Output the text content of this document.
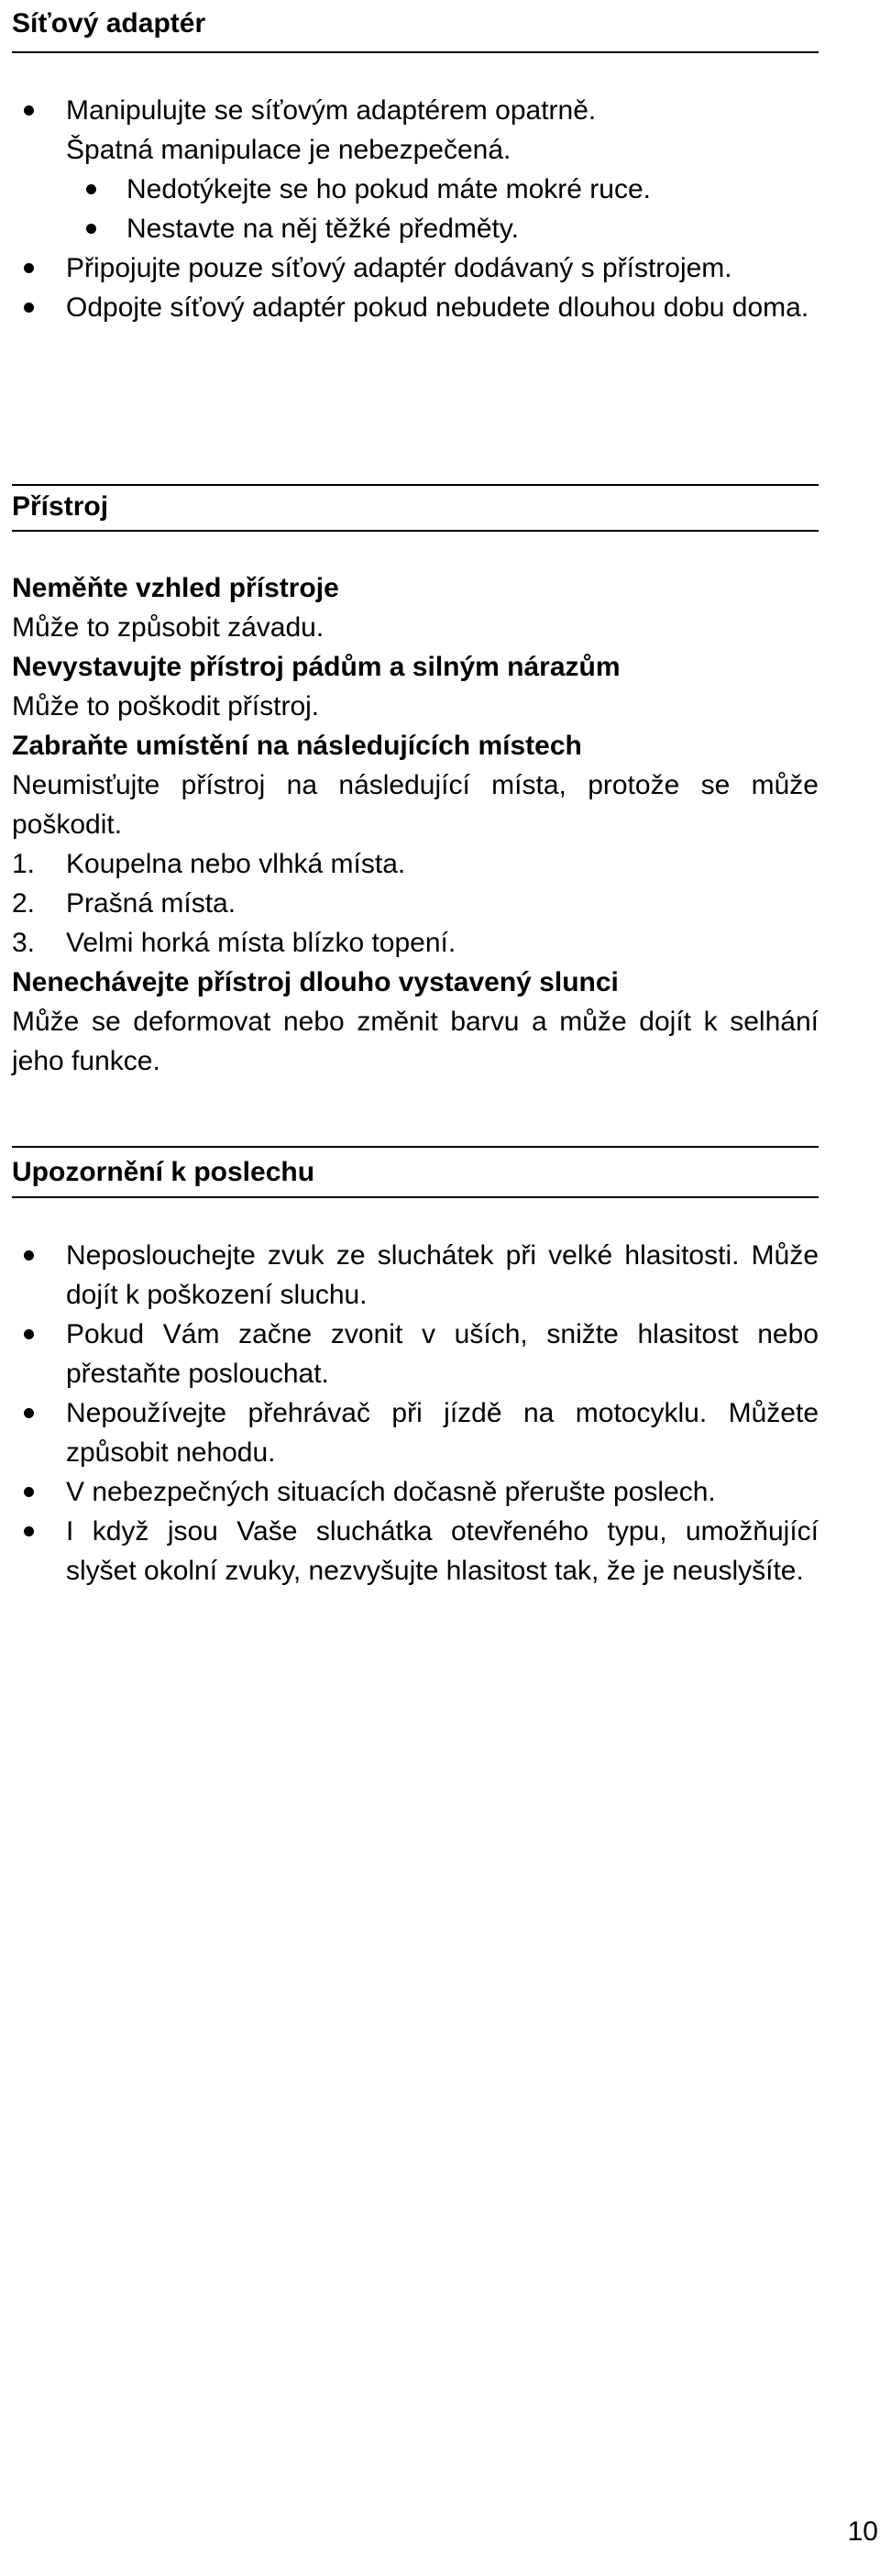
Síťový adaptér
Manipulujte se síťovým adaptérem opatrně.
Špatná manipulace je nebezpečená.
Nedotýkejte se ho pokud máte mokré ruce.
Nestavte na něj těžké předměty.
Připojujte pouze síťový adaptér dodávaný s přístrojem.
Odpojte síťový adaptér pokud nebudete dlouhou dobu doma.
Přístroj

Neměňte vzhled přístroje

Může to způsobit závadu.

Nevystavujte přístroj pádům a silným nárazům

Může to poškodit přístroj.

Zabraňte umístění na následujících místech

Neumisťujte přístroj na následující místa, protože se může poškodit.

1. Koupelna nebo vlhká místa.

2. Prašná místa.

3. Velmi horká místa blízko topení.

Nenechávejte přístroj dlouho vystavený slunci

Může se deformovat nebo změnit barvu a může dojít k selhání jeho funkce.

Upozornění k poslechu
Neposlouchejte zvuk ze sluchátek při velké hlasitosti. Může dojít k poškození sluchu.
Pokud Vám začne zvonit v uších, snižte hlasitost nebo přestaňte poslouchat.
Nepoužívejte přehrávač při jízdě na motocyklu. Můžete způsobit nehodu.
V nebezpečných situacích dočasně přerušte poslech.
I když jsou Vaše sluchátka otevřeného typu, umožňující slyšet okolní zvuky, nezvyšujte hlasitost tak, že je neuslyšíte.
10
